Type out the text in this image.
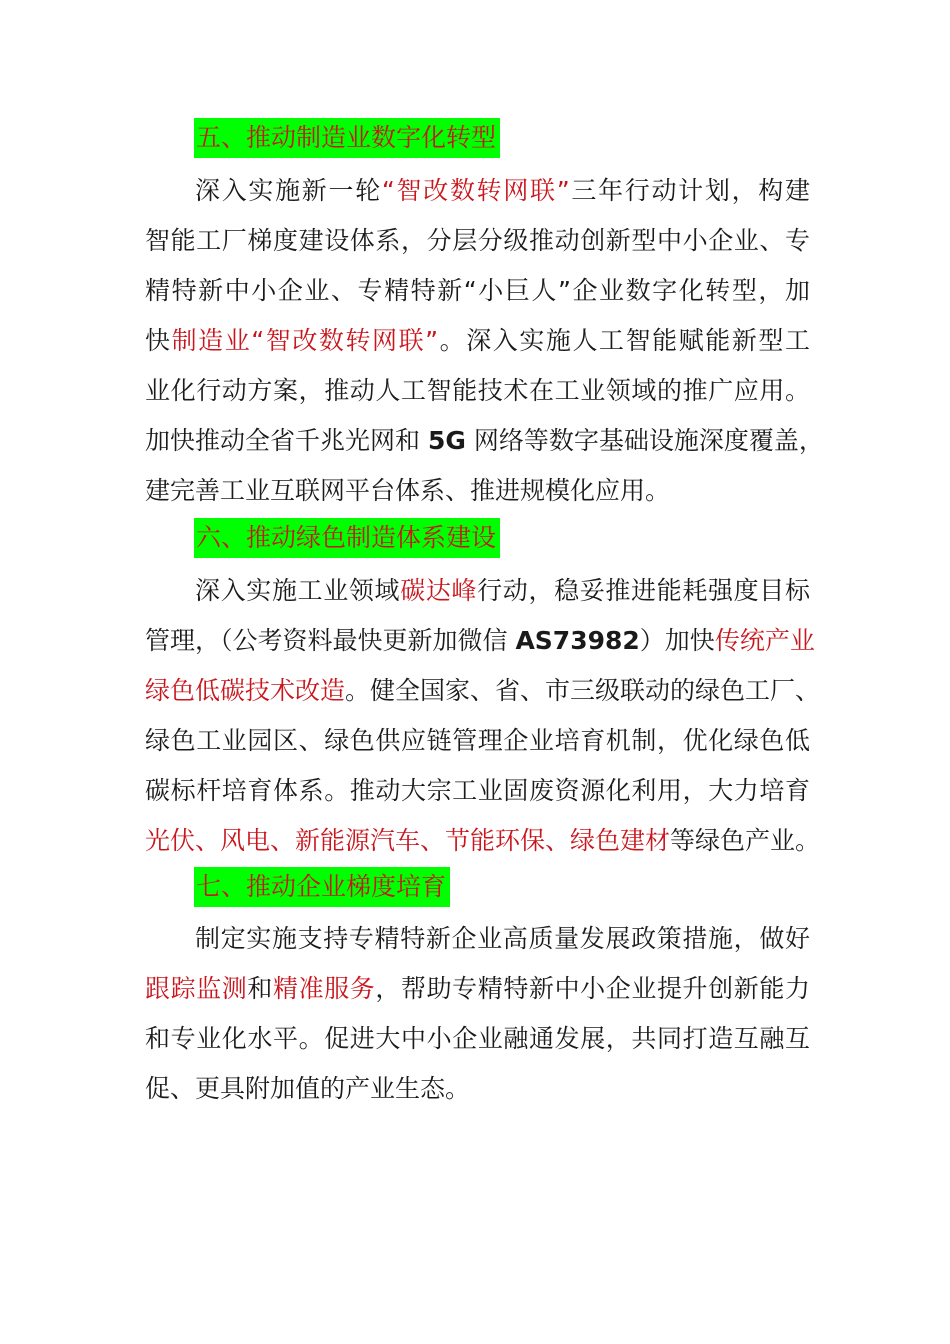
五、推动制造业数字化转型
深入实施新一轮“智改数转网联”三年行动计划，构建
智能工厂梯度建设体系，分层分级推动创新型中小企业、专
精特新中小企业、专精特新“小巨人”企业数字化转型，加
快制造业“智改数转网联”。深入实施人工智能赋能新型工
业化行动方案，推动人工智能技术在工业领域的推广应用。
加快推动全省千兆光网和 5G 网络等数字基础设施深度覆盖，
建完善工业互联网平台体系、推进规模化应用。
六、推动绿色制造体系建设
深入实施工业领域碳达峰行动，稳妥推进能耗强度目标
管理，（公考资料最快更新加微信 AS73982）加快传统产业
绿色低碳技术改造。健全国家、省、市三级联动的绿色工厂、
绿色工业园区、绿色供应链管理企业培育机制，优化绿色低
碳标杆培育体系。推动大宗工业固废资源化利用，大力培育
光伏、风电、新能源汽车、节能环保、绿色建材等绿色产业。
七、推动企业梯度培育
制定实施支持专精特新企业高质量发展政策措施，做好
跟踪监测和精准服务，帮助专精特新中小企业提升创新能力
和专业化水平。促进大中小企业融通发展，共同打造互融互
促、更具附加值的产业生态。
